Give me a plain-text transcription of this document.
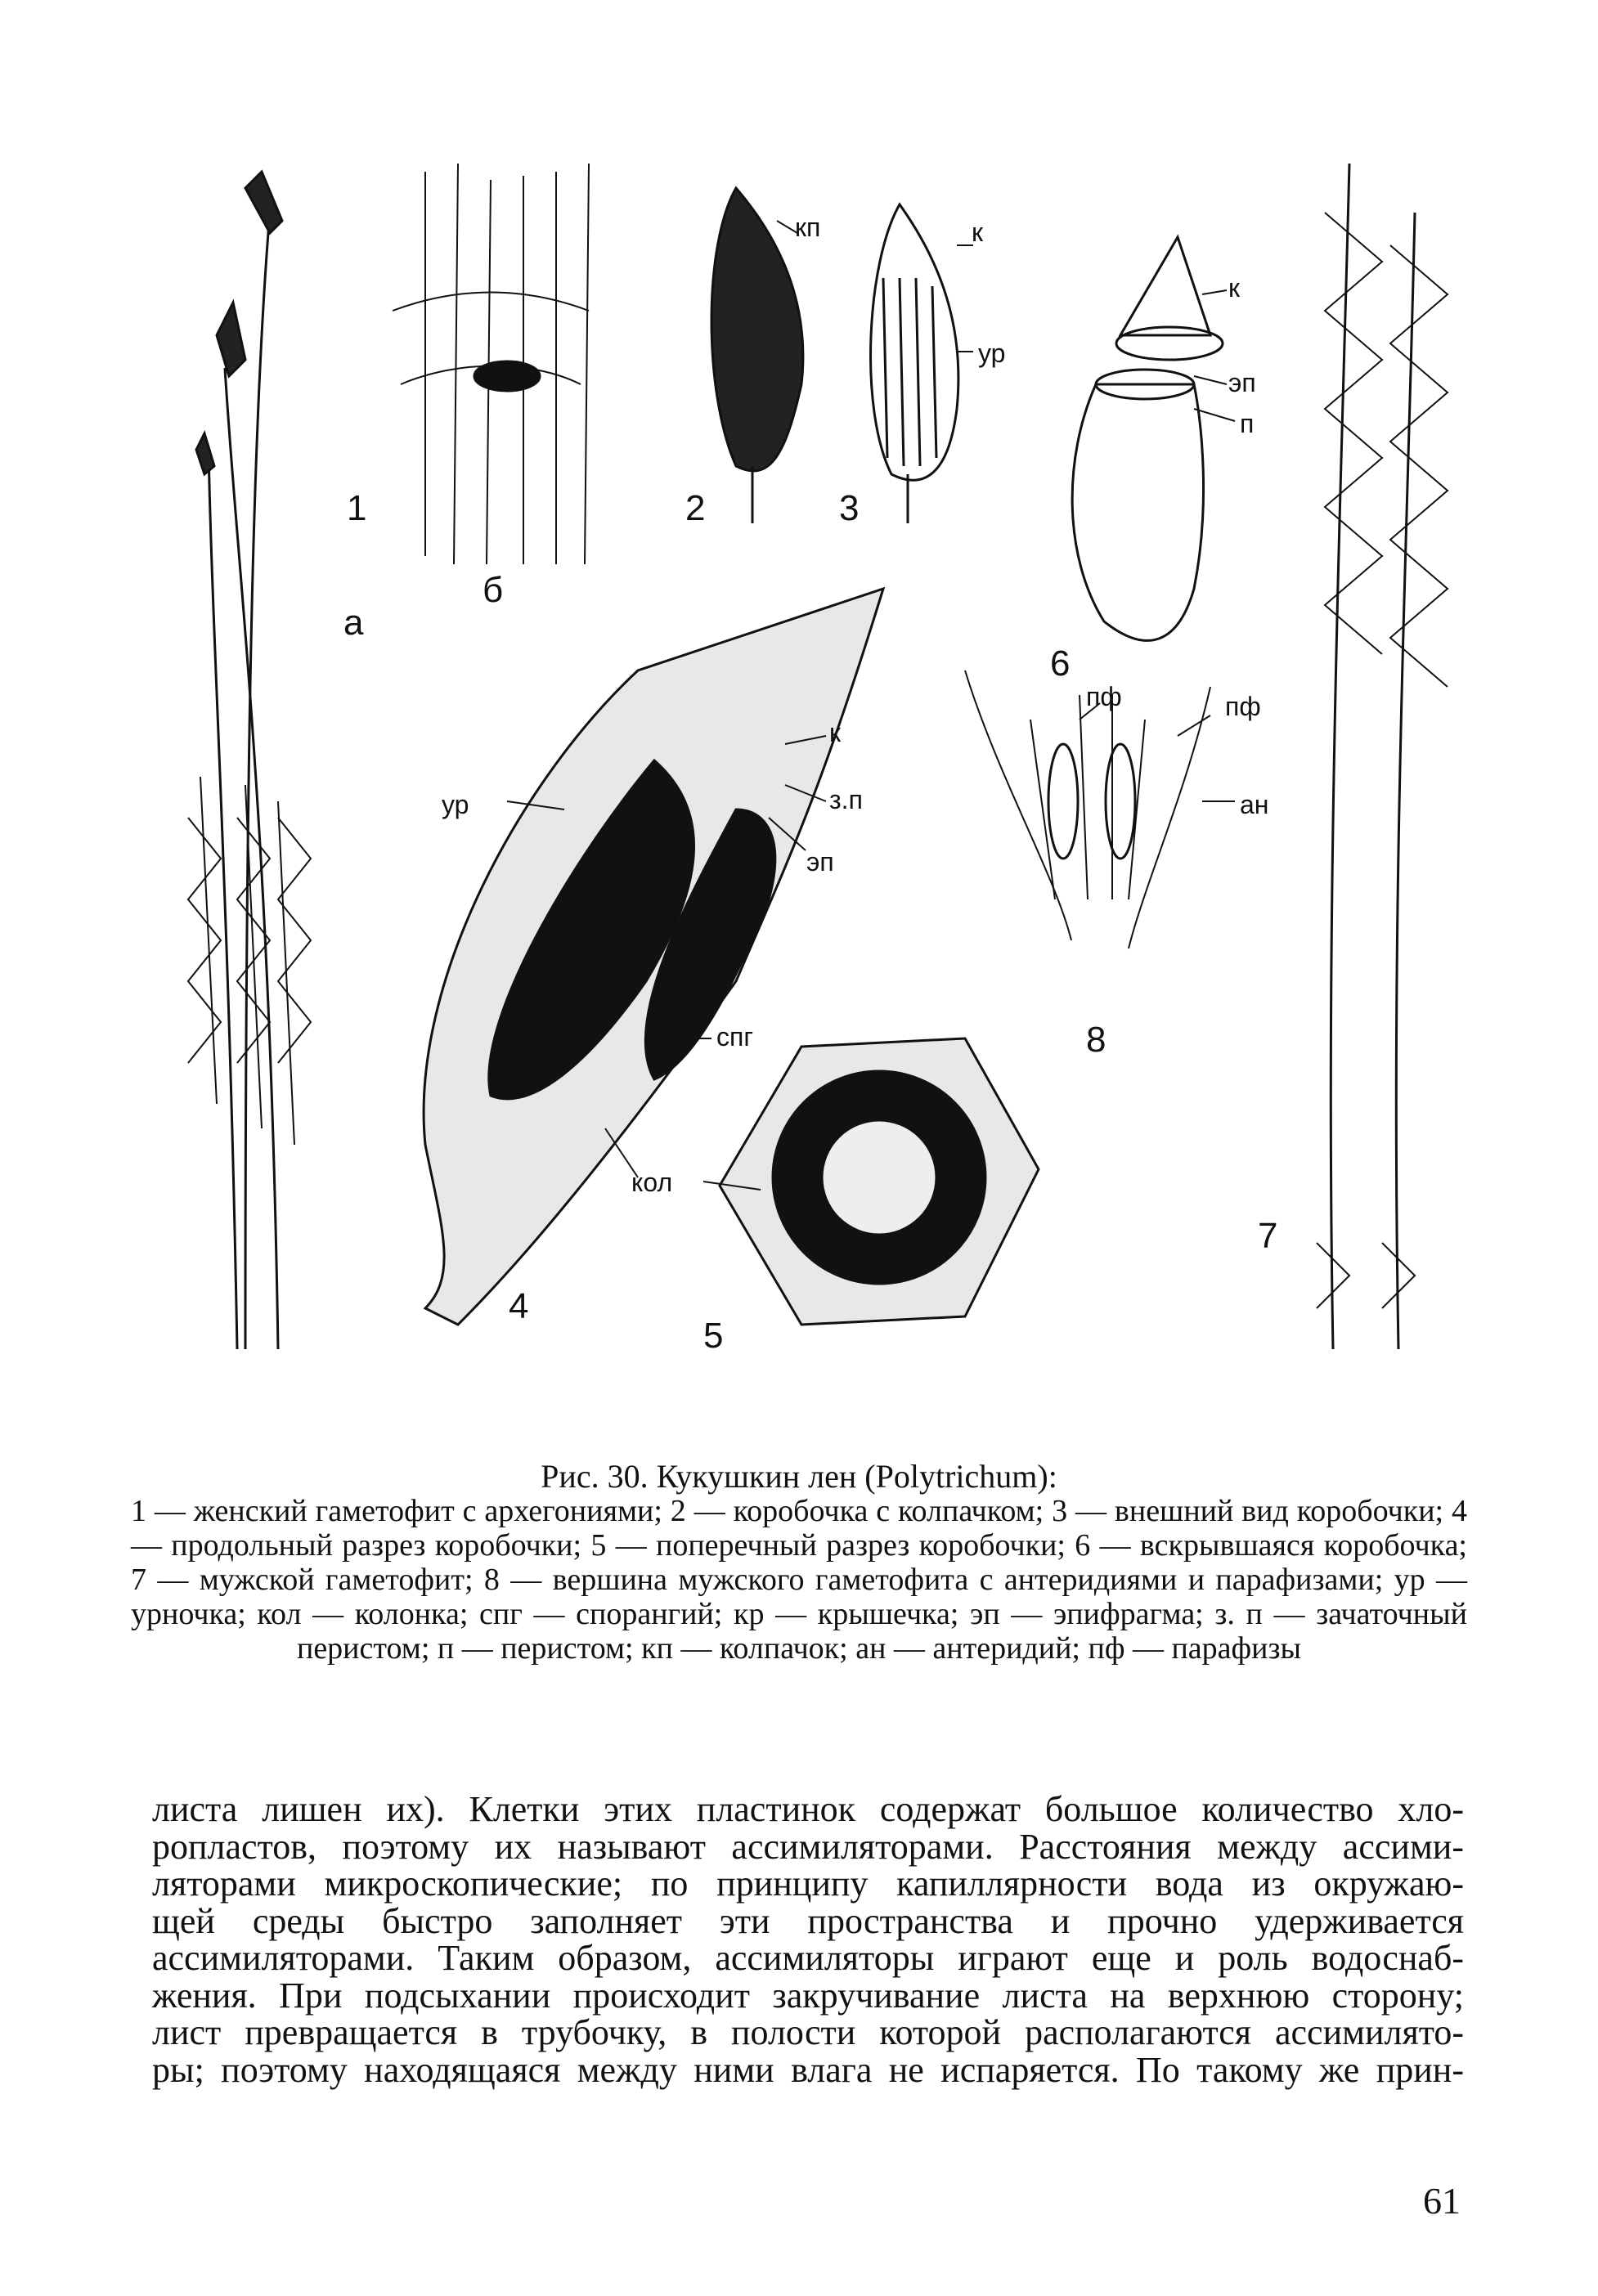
1
а
б
2	3
6
4
5
7
8
кп	к
ур
к
эп
п
пф	пф
ан
ур
к
з.п
эп
спг
кол
Рис. 30. Кукушкин лен (Polytrichum):
1 — женский гаметофит с архегониями; 2 — коробочка с колпачком; 3 — внешний вид коробочки; 4 — продольный разрез коробочки; 5 — поперечный разрез коробочки; 6 — вскрывшаяся коробочка; 7 — мужской гаметофит; 8 — вершина мужского гаметофита с антеридиями и парафизами; ур — урночка; кол — колонка; спг — спорангий; кр — крышечка; эп — эпифрагма; з. п — зачаточный перистом; п — перистом; кп — колпачок; ан — антеридий; пф — парафизы
листа лишен их). Клетки этих пластинок содержат большое количество хло-
ропластов, поэтому их называют ассимиляторами. Расстояния между ассими-
ляторами микроскопические; по принципу капиллярности вода из окружаю-
щей среды быстро заполняет эти пространства и прочно удерживается
ассимиляторами. Таким образом, ассимиляторы играют еще и роль водоснаб-
жения. При подсыхании происходит закручивание листа на верхнюю сторону;
лист превращается в трубочку, в полости которой располагаются ассимилято-
ры; поэтому находящаяся между ними влага не испаряется. По такому же прин-
61
